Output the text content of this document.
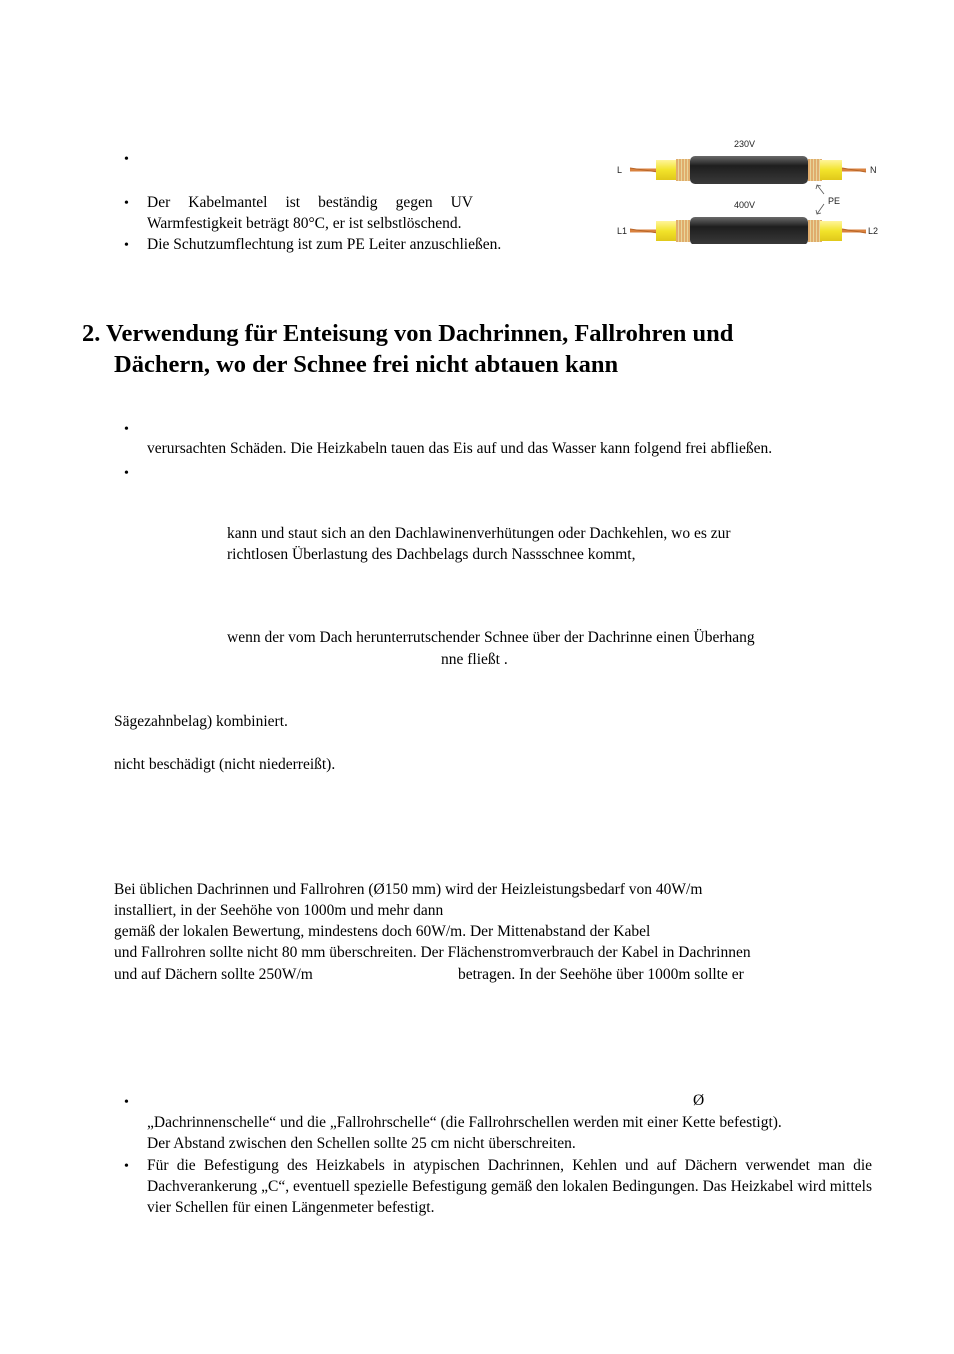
•
• Der Kabelmantel ist beständig gegen UV
Warmfestigkeit beträgt 80°C, er ist selbstlöschend.
• Die Schutzumflechtung ist zum PE Leiter anzuschließen.
230V
L	N
400V	PE
L1	L2
2. Verwendung für Enteisung von Dachrinnen, Fallrohren und
Dächern, wo der Schnee frei nicht abtauen kann
•
verursachten Schäden. Die Heizkabeln tauen das Eis auf und das Wasser kann folgend frei abfließen.
•
kann und staut sich an den Dachlawinenverhütungen oder Dachkehlen, wo es zur
richtlosen Überlastung des Dachbelags durch Nassschnee kommt,
wenn der vom Dach herunterrutschender Schnee über der Dachrinne einen Überhang
nne fließt .
Sägezahnbelag) kombiniert.
nicht beschädigt (nicht niederreißt).
Bei üblichen Dachrinnen und Fallrohren (Ø150 mm) wird der Heizleistungsbedarf von 40W/m
installiert, in der Seehöhe von 1000m und mehr dann
gemäß der lokalen Bewertung, mindestens doch 60W/m. Der Mittenabstand der Kabel
und Fallrohren sollte nicht 80 mm überschreiten. Der Flächenstromverbrauch der Kabel in Dachrinnen
und auf Dächern sollte 250W/m	betragen. In der Seehöhe über 1000m sollte er
•	Ø
„Dachrinnenschelle“ und die „Fallrohrschelle“ (die Fallrohrschellen werden mit einer Kette befestigt).
Der Abstand zwischen den Schellen sollte 25 cm nicht überschreiten.
• Für die Befestigung des Heizkabels in atypischen Dachrinnen, Kehlen und auf Dächern verwendet man die Dachverankerung „C“, eventuell spezielle Befestigung gemäß den lokalen Bedingungen. Das Heizkabel wird mittels vier Schellen für einen Längenmeter befestigt.
